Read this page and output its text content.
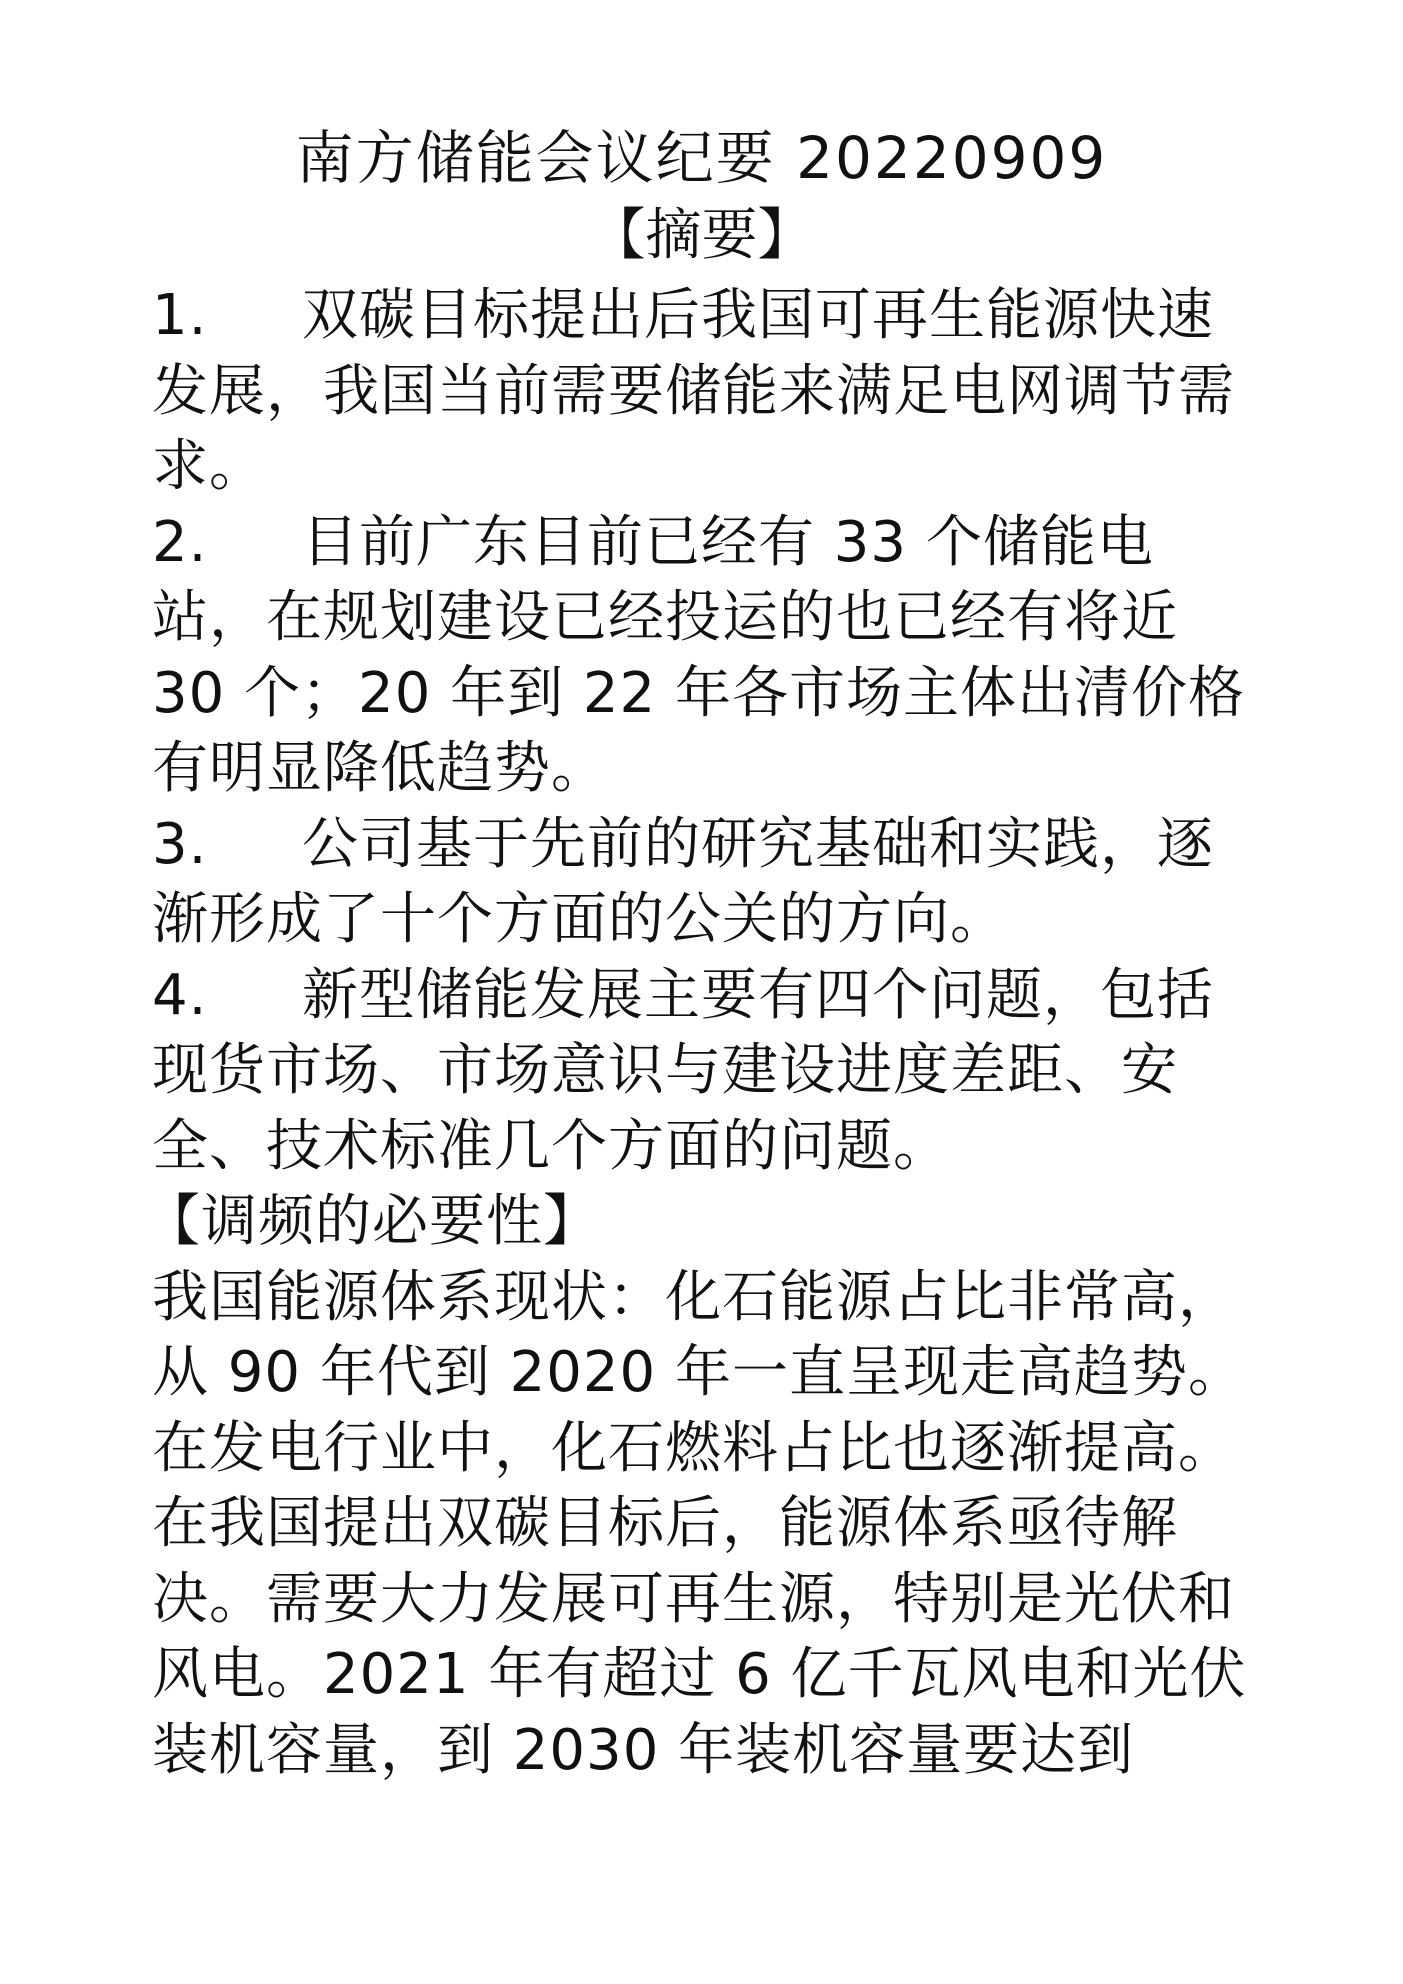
南方储能会议纪要 20220909
【摘要】

1. 双碳目标提出后我国可再生能源快速发展，我国当前需要储能来满足电网调节需求。

2. 目前广东目前已经有 33 个储能电站，在规划建设已经投运的也已经有将近 30 个；20 年到 22 年各市场主体出清价格有明显降低趋势。

3. 公司基于先前的研究基础和实践，逐渐形成了十个方面的公关的方向。

4. 新型储能发展主要有四个问题，包括现货市场、市场意识与建设进度差距、安全、技术标准几个方面的问题。

【调频的必要性】

我国能源体系现状：化石能源占比非常高，从 90 年代到 2020 年一直呈现走高趋势。在发电行业中，化石燃料占比也逐渐提高。在我国提出双碳目标后，能源体系亟待解决。需要大力发展可再生源，特别是光伏和风电。2021 年有超过 6 亿千瓦风电和光伏装机容量，到 2030 年装机容量要达到
